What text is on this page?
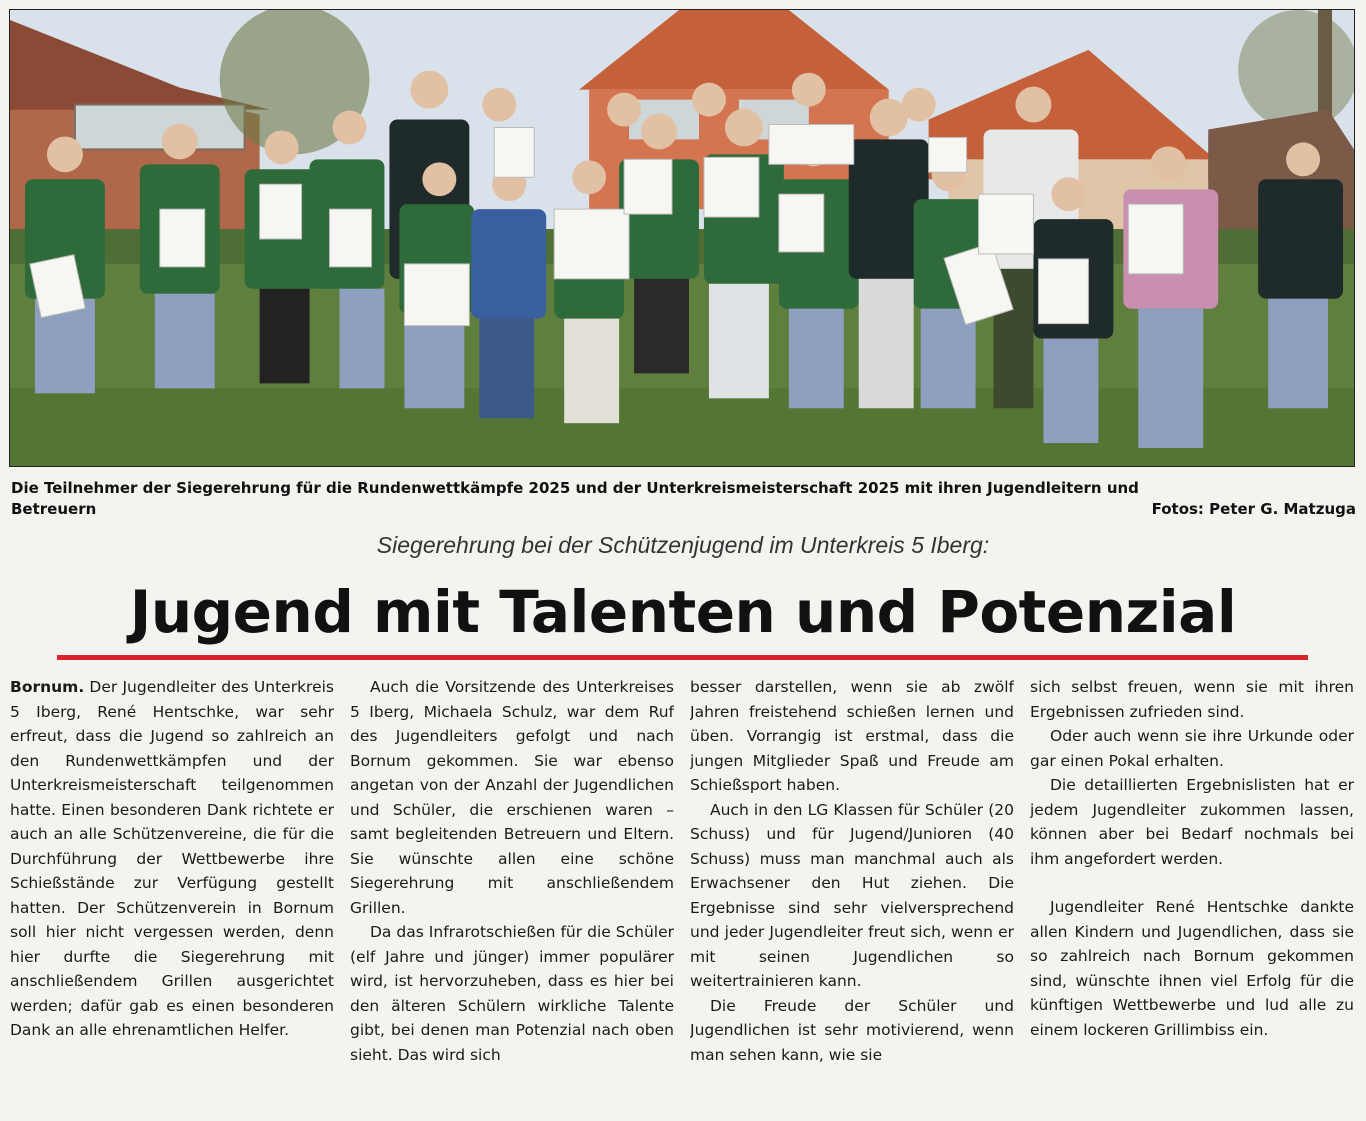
Die Teilnehmer der Siegerehrung für die Rundenwettkämpfe 2025 und der Unterkreismeisterschaft 2025 mit ihren Jugendleitern und
Betreuern	Fotos: Peter G. Matzuga
Siegerehrung bei der Schützenjugend im Unterkreis 5 Iberg:
Jugend mit Talenten und Potenzial

Bornum. Der Jugendleiter des Unterkreis 5 Iberg, René Hentschke, war sehr erfreut, dass die Jugend so zahlreich an den Rundenwettkämpfen und der Unterkreismeisterschaft teilgenommen hatte. Einen besonderen Dank richtete er auch an alle Schützenvereine, die für die Durchführung der Wettbewerbe ihre Schießstände zur Verfügung gestellt hatten. Der Schützenverein in Bornum soll hier nicht vergessen werden, denn hier durfte die Siegerehrung mit anschließendem Grillen ausgerichtet werden; dafür gab es einen besonderen Dank an alle ehrenamtlichen Helfer.

Auch die Vorsitzende des Unterkreises 5 Iberg, Michaela Schulz, war dem Ruf des Jugendleiters gefolgt und nach Bornum gekommen. Sie war ebenso angetan von der Anzahl der Jugendlichen und Schüler, die erschienen waren – samt begleitenden Betreuern und Eltern. Sie wünschte allen eine schöne Siegerehrung mit anschließendem Grillen.

Da das Infrarotschießen für die Schüler (elf Jahre und jünger) immer populärer wird, ist hervorzuheben, dass es hier bei den älteren Schülern wirkliche Talente gibt, bei denen man Potenzial nach oben sieht. Das wird sich

besser darstellen, wenn sie ab zwölf Jahren freistehend schießen lernen und üben. Vorrangig ist erstmal, dass die jungen Mitglieder Spaß und Freude am Schießsport haben.

Auch in den LG Klassen für Schüler (20 Schuss) und für Jugend/Junioren (40 Schuss) muss man manchmal auch als Erwachsener den Hut ziehen. Die Ergebnisse sind sehr vielversprechend und jeder Jugendleiter freut sich, wenn er mit seinen Jugendlichen so weitertrainieren kann.

Die Freude der Schüler und Jugendlichen ist sehr motivierend, wenn man sehen kann, wie sie

sich selbst freuen, wenn sie mit ihren Ergebnissen zufrieden sind.

Oder auch wenn sie ihre Urkunde oder gar einen Pokal erhalten.

Die detaillierten Ergebnislisten hat er jedem Jugendleiter zukommen lassen, können aber bei Bedarf nochmals bei ihm angefordert werden.

Jugendleiter René Hentschke dankte allen Kindern und Jugendlichen, dass sie so zahlreich nach Bornum gekommen sind, wünschte ihnen viel Erfolg für die künftigen Wettbewerbe und lud alle zu einem lockeren Grillimbiss ein.
